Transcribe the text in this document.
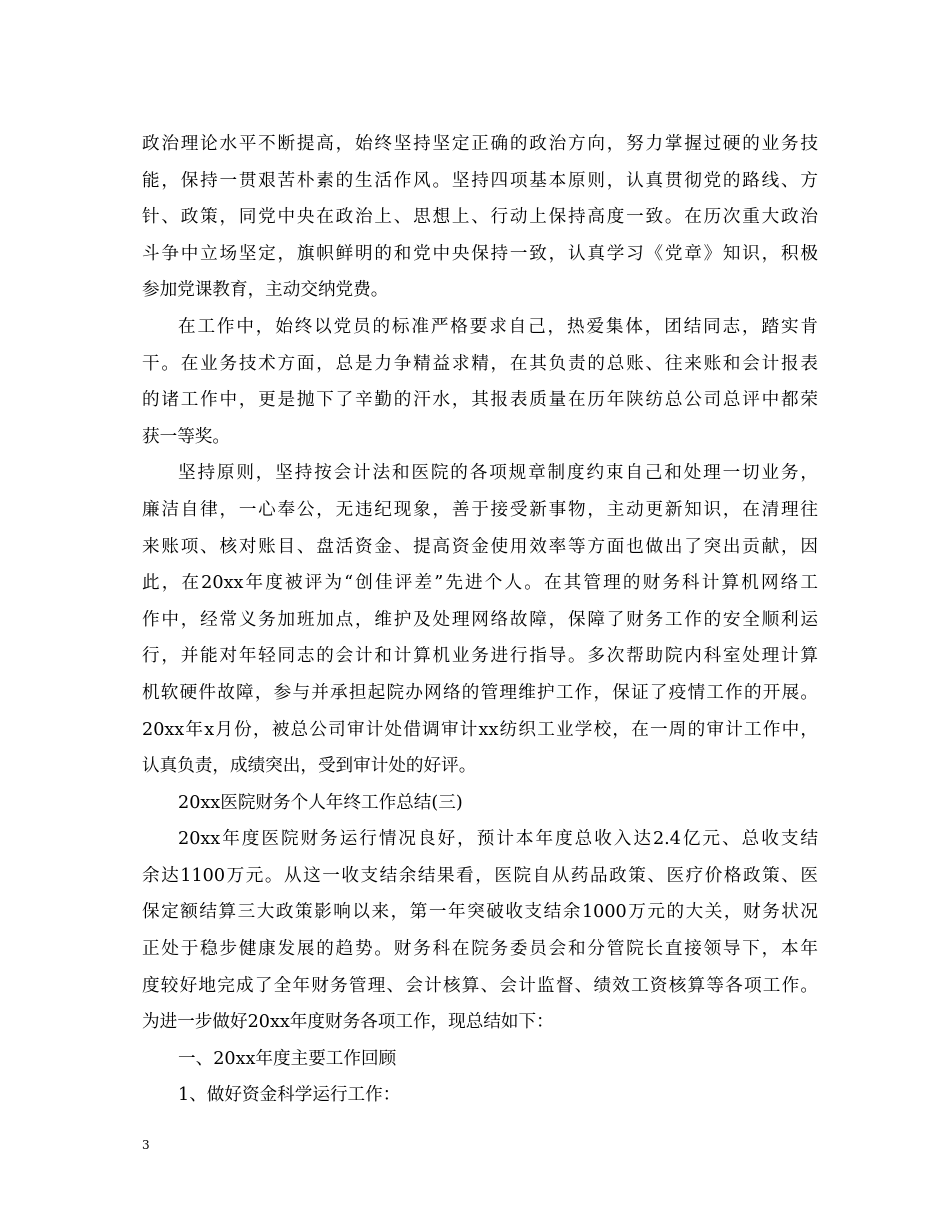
政治理论水平不断提高，始终坚持坚定正确的政治方向，努力掌握过硬的业务技
能，保持一贯艰苦朴素的生活作风。坚持四项基本原则，认真贯彻党的路线、方
针、政策，同党中央在政治上、思想上、行动上保持高度一致。在历次重大政治
斗争中立场坚定，旗帜鲜明的和党中央保持一致，认真学习《党章》知识，积极
参加党课教育，主动交纳党费。
在工作中，始终以党员的标准严格要求自己，热爱集体，团结同志，踏实肯
干。在业务技术方面，总是力争精益求精，在其负责的总账、往来账和会计报表
的诸工作中，更是抛下了辛勤的汗水，其报表质量在历年陕纺总公司总评中都荣
获一等奖。
坚持原则，坚持按会计法和医院的各项规章制度约束自己和处理一切业务，
廉洁自律，一心奉公，无违纪现象，善于接受新事物，主动更新知识，在清理往
来账项、核对账目、盘活资金、提高资金使用效率等方面也做出了突出贡献，因
此，在20xx年度被评为“创佳评差”先进个人。在其管理的财务科计算机网络工
作中，经常义务加班加点，维护及处理网络故障，保障了财务工作的安全顺利运
行，并能对年轻同志的会计和计算机业务进行指导。多次帮助院内科室处理计算
机软硬件故障，参与并承担起院办网络的管理维护工作，保证了疫情工作的开展。
20xx年x月份，被总公司审计处借调审计xx纺织工业学校，在一周的审计工作中，
认真负责，成绩突出，受到审计处的好评。
20xx医院财务个人年终工作总结(三)
20xx年度医院财务运行情况良好，预计本年度总收入达2.4亿元、总收支结
余达1100万元。从这一收支结余结果看，医院自从药品政策、医疗价格政策、医
保定额结算三大政策影响以来，第一年突破收支结余1000万元的大关，财务状况
正处于稳步健康发展的趋势。财务科在院务委员会和分管院长直接领导下，本年
度较好地完成了全年财务管理、会计核算、会计监督、绩效工资核算等各项工作。
为进一步做好20xx年度财务各项工作，现总结如下：
一、20xx年度主要工作回顾
1、做好资金科学运行工作：
3
